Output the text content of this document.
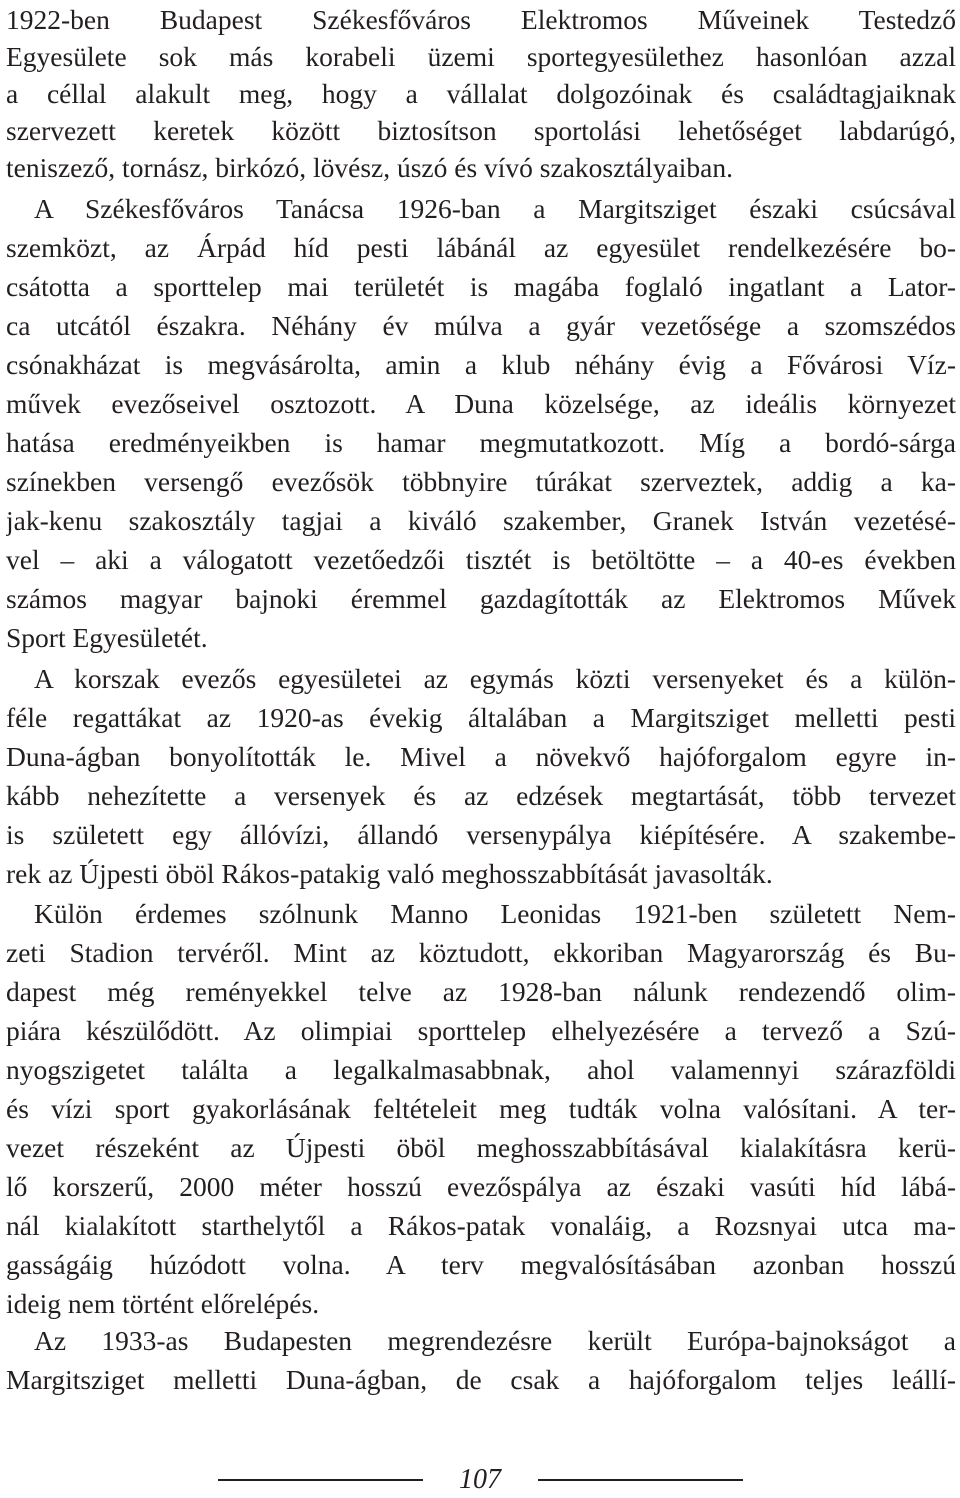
1922-ben Budapest Székesfőváros Elektromos Műveinek Testedző
Egyesülete sok más korabeli üzemi sportegyesülethez hasonlóan azzal
a céllal alakult meg, hogy a vállalat dolgozóinak és családtagjaiknak
szervezett keretek között biztosítson sportolási lehetőséget labdarúgó,
teniszező, tornász, birkózó, lövész, úszó és vívó szakosztályaiban.
A Székesfőváros Tanácsa 1926-ban a Margitsziget északi csúcsával
szemközt, az Árpád híd pesti lábánál az egyesület rendelkezésére bo-
csátotta a sporttelep mai területét is magába foglaló ingatlant a Lator-
ca utcától északra. Néhány év múlva a gyár vezetősége a szomszédos
csónakházat is megvásárolta, amin a klub néhány évig a Fővárosi Víz-
művek evezőseivel osztozott. A Duna közelsége, az ideális környezet
hatása eredményeikben is hamar megmutatkozott. Míg a bordó-sárga
színekben versengő evezősök többnyire túrákat szerveztek, addig a ka-
jak-kenu szakosztály tagjai a kiváló szakember, Granek István vezetésé-
vel – aki a válogatott vezetőedzői tisztét is betöltötte – a 40-es években
számos magyar bajnoki éremmel gazdagították az Elektromos Művek
Sport Egyesületét.
A korszak evezős egyesületei az egymás közti versenyeket és a külön-
féle regattákat az 1920-as évekig általában a Margitsziget melletti pesti
Duna-ágban bonyolították le. Mivel a növekvő hajóforgalom egyre in-
kább nehezítette a versenyek és az edzések megtartását, több tervezet
is született egy állóvízi, állandó versenypálya kiépítésére. A szakembe-
rek az Újpesti öböl Rákos-patakig való meghosszabbítását javasolták.
Külön érdemes szólnunk Manno Leonidas 1921-ben született Nem-
zeti Stadion tervéről. Mint az köztudott, ekkoriban Magyarország és Bu-
dapest még reményekkel telve az 1928-ban nálunk rendezendő olim-
piára készülődött. Az olimpiai sporttelep elhelyezésére a tervező a Szú-
nyogszigetet találta a legalkalmasabbnak, ahol valamennyi szárazföldi
és vízi sport gyakorlásának feltételeit meg tudták volna valósítani. A ter-
vezet részeként az Újpesti öböl meghosszabbításával kialakításra kerü-
lő korszerű, 2000 méter hosszú evezőspálya az északi vasúti híd lábá-
nál kialakított starthelytől a Rákos-patak vonaláig, a Rozsnyai utca ma-
gasságáig húzódott volna. A terv megvalósításában azonban hosszú
ideig nem történt előrelépés.
Az 1933-as Budapesten megrendezésre került Európa-bajnokságot a
Margitsziget melletti Duna-ágban, de csak a hajóforgalom teljes leállí-
107
